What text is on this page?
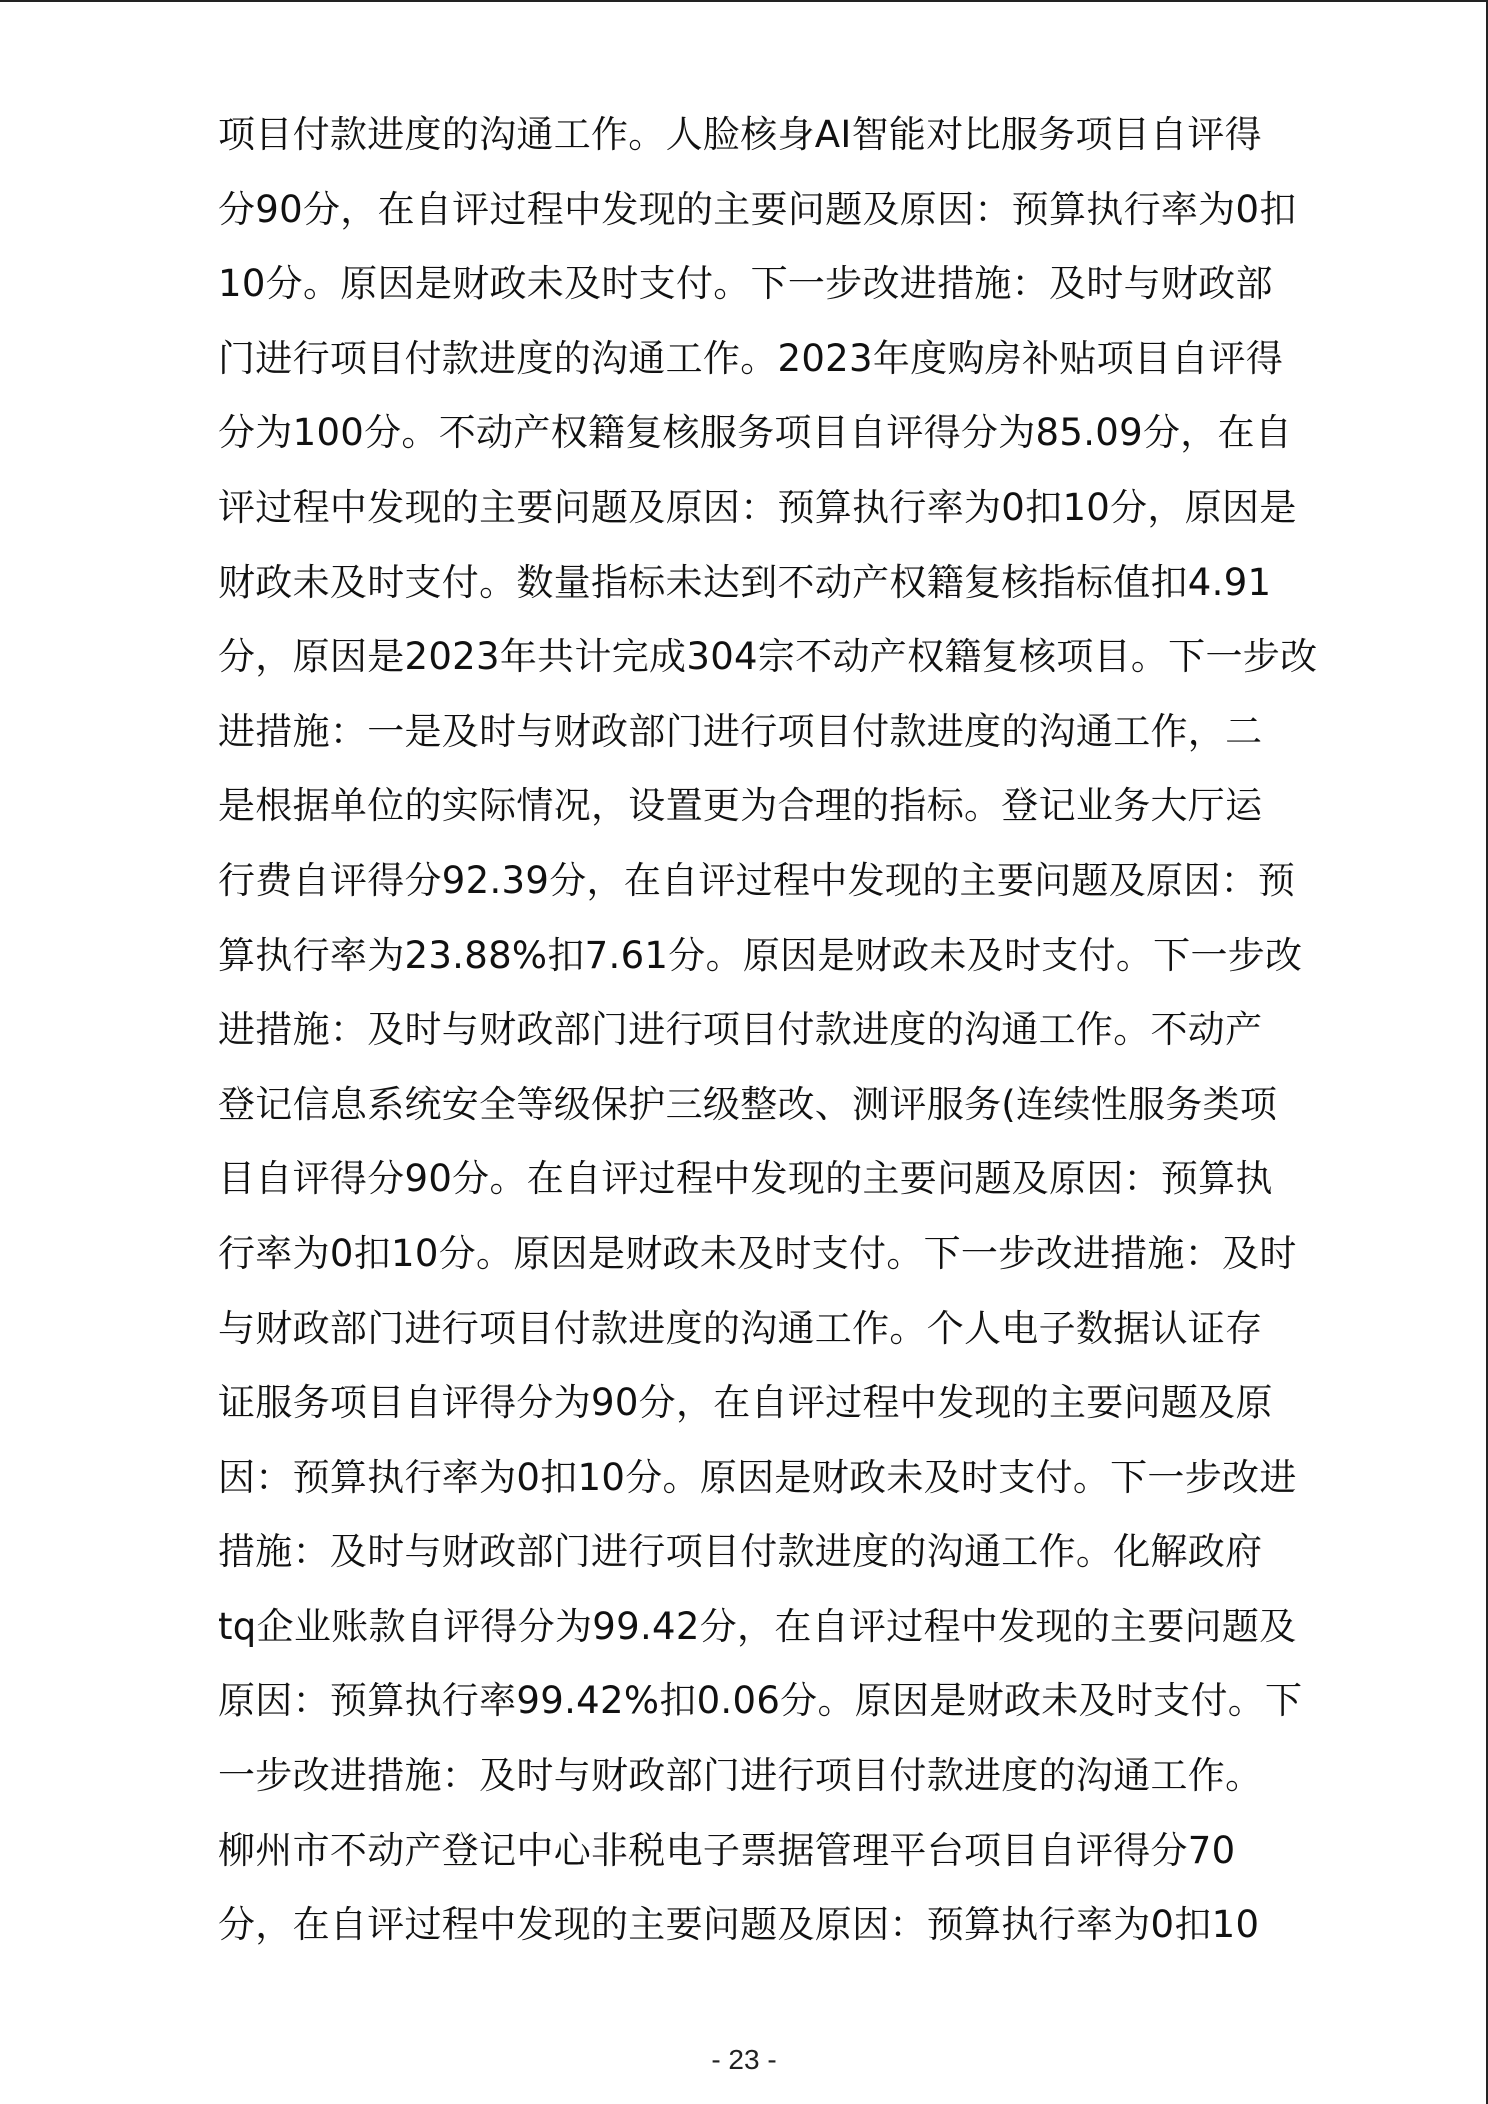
项目付款进度的沟通工作。人脸核身AI智能对比服务项目自评得
分90分，在自评过程中发现的主要问题及原因：预算执行率为0扣
10分。原因是财政未及时支付。下一步改进措施：及时与财政部
门进行项目付款进度的沟通工作。2023年度购房补贴项目自评得
分为100分。不动产权籍复核服务项目自评得分为85.09分，在自
评过程中发现的主要问题及原因：预算执行率为0扣10分，原因是
财政未及时支付。数量指标未达到不动产权籍复核指标值扣4.91
分，原因是2023年共计完成304宗不动产权籍复核项目。下一步改
进措施：一是及时与财政部门进行项目付款进度的沟通工作，二
是根据单位的实际情况，设置更为合理的指标。登记业务大厅运
行费自评得分92.39分，在自评过程中发现的主要问题及原因：预
算执行率为23.88%扣7.61分。原因是财政未及时支付。下一步改
进措施：及时与财政部门进行项目付款进度的沟通工作。不动产
登记信息系统安全等级保护三级整改、测评服务(连续性服务类项
目自评得分90分。在自评过程中发现的主要问题及原因：预算执
行率为0扣10分。原因是财政未及时支付。下一步改进措施：及时
与财政部门进行项目付款进度的沟通工作。个人电子数据认证存
证服务项目自评得分为90分，在自评过程中发现的主要问题及原
因：预算执行率为0扣10分。原因是财政未及时支付。下一步改进
措施：及时与财政部门进行项目付款进度的沟通工作。化解政府
tq企业账款自评得分为99.42分，在自评过程中发现的主要问题及
原因：预算执行率99.42%扣0.06分。原因是财政未及时支付。下
一步改进措施：及时与财政部门进行项目付款进度的沟通工作。
柳州市不动产登记中心非税电子票据管理平台项目自评得分70
分，在自评过程中发现的主要问题及原因：预算执行率为0扣10
- 23 -
